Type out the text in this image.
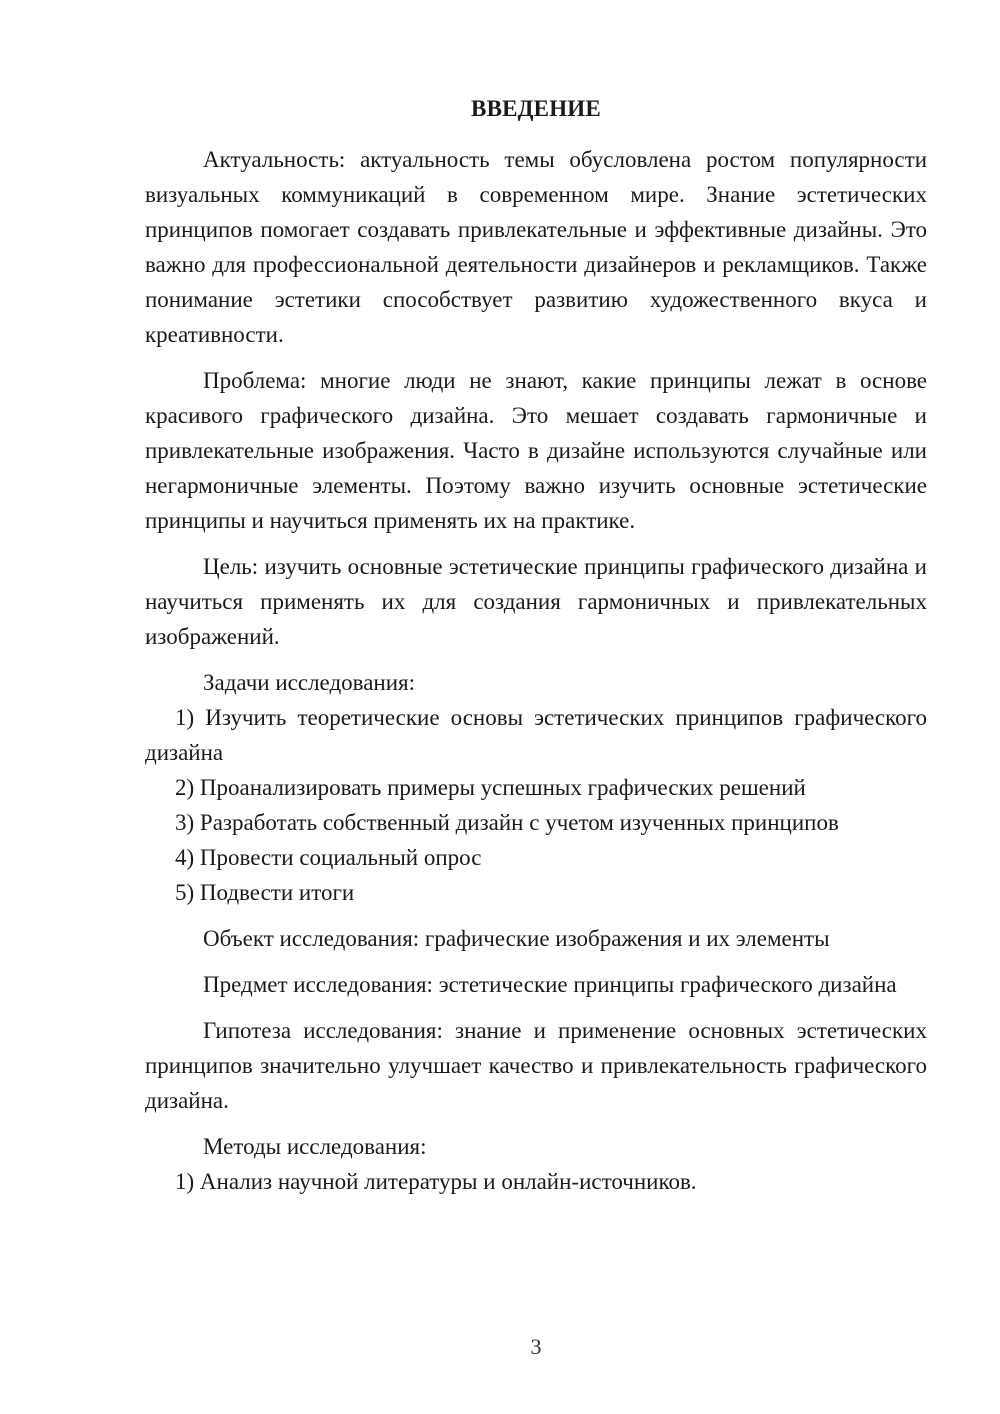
ВВЕДЕНИЕ

Актуальность: актуальность темы обусловлена ростом популярности визуальных коммуникаций в современном мире. Знание эстетических принципов помогает создавать привлекательные и эффективные дизайны. Это важно для профессиональной деятельности дизайнеров и рекламщиков. Также понимание эстетики способствует развитию художественного вкуса и креативности.

Проблема: многие люди не знают, какие принципы лежат в основе красивого графического дизайна. Это мешает создавать гармоничные и привлекательные изображения. Часто в дизайне используются случайные или негармоничные элементы. Поэтому важно изучить основные эстетические принципы и научиться применять их на практике.

Цель: изучить основные эстетические принципы графического дизайна и научиться применять их для создания гармоничных и привлекательных изображений.

Задачи исследования:

1) Изучить теоретические основы эстетических принципов графического дизайна

2) Проанализировать примеры успешных графических решений

3) Разработать собственный дизайн с учетом изученных принципов

4) Провести социальный опрос

5) Подвести итоги

Объект исследования: графические изображения и их элементы

Предмет исследования: эстетические принципы графического дизайна

Гипотеза исследования: знание и применение основных эстетических принципов значительно улучшает качество и привлекательность графического дизайна.

Методы исследования:

1) Анализ научной литературы и онлайн-источников.

3
